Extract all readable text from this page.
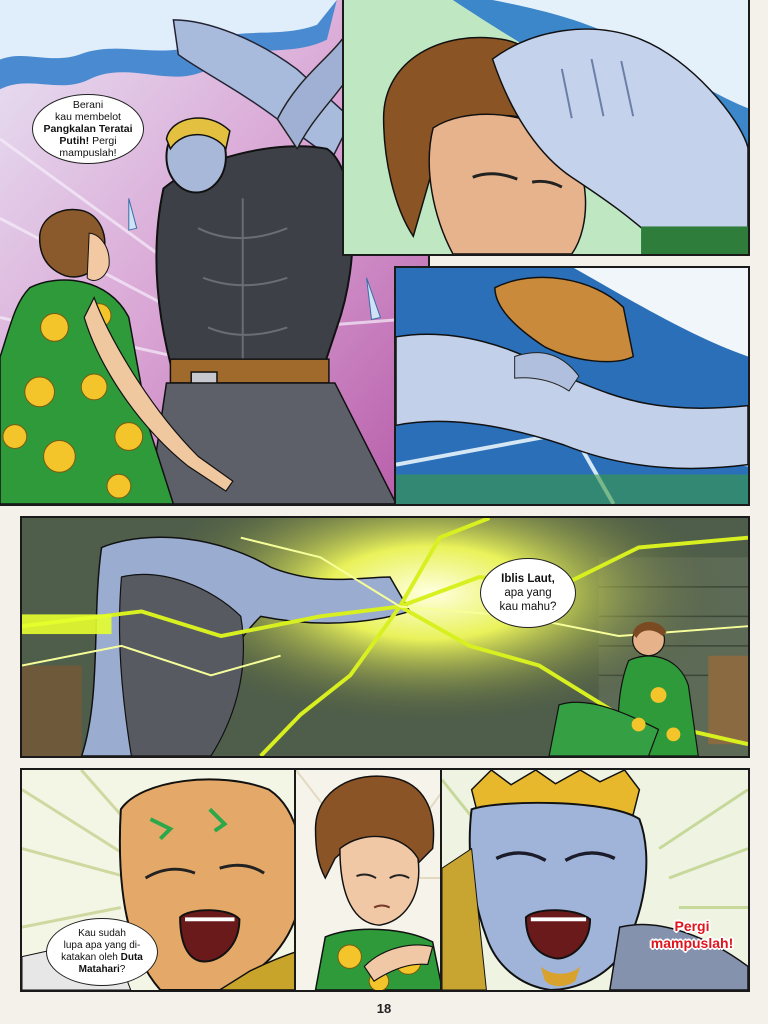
Berani
kau membelot
Pangkalan Teratai
Putih! Pergi
mampuslah!
Iblis Laut,
apa yang
kau mahu?
Kau sudah
lupa apa yang di-
katakan oleh Duta
Matahari?
Pergi
mampuslah!
18
